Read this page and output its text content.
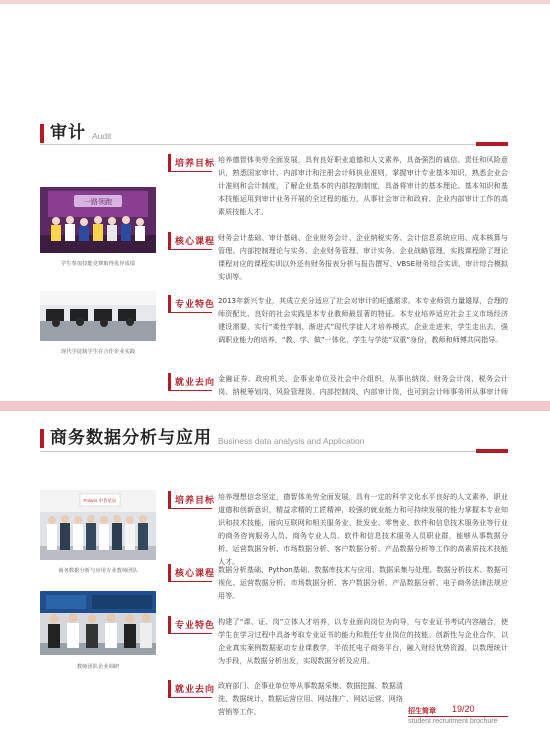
审计 Audit
一路领跑
学生参加技能竞赛取得优异成绩
现代学徒制学生在合作企业实践
培养目标 培养德智体美劳全面发展，具有良好职业道德和人文素养，具备强烈的诚信、责任和风险意识，熟悉国家审计、内部审计和注册会计师执业准则，掌握审计专业基本知识，熟悉企业会计准则和会计制度，了解企业基本的内部控制制度，具备将审计的基本理论、基本知识和基本技能运用到审计业务开展的全过程的能力，从事社会审计和政府、企业内部审计工作的高素质技能人才。
核心课程 财务会计基础、审计基础、企业财务会计、企业纳税实务、会计信息系统应用、成本核算与管理、内部控制理论与实务、企业财务管理、审计实务、企业战略管理，实践课程除了理论课程对应的课程实训以外还有财务报表分析与报告撰写、VBSE财务综合实训、审计综合模拟实训等。
专业特色 2013年新兴专业，其成立充分适应了社会对审计的旺盛需求。本专业师资力量雄厚，合理的师资配比、良好的社会实践是本专业教师最显著的特征。本专业培养适应社会主义市场经济建设需要，实行“柔性学制、渐进式”现代学徒人才培养模式，企业走进来，学生走出去，强调职业能力的培养，“教、学、做”一体化，学生与学徒“双重”身份，教师和师傅共同指导。
就业去向 金融证券、政府机关、企事业单位及社会中介组织，从事出纳岗、财务会计岗、税务会计岗、纳税筹划岗、风险管理岗、内部控制岗、内部审计岗，也可到会计师事务所从事审计师
商务数据分析与应用 Business data analysis and Application
Polaris 中普星辰
商务数据分析与应用专业教师团队
教师团队企业调研
培养目标 培养理想信念坚定，德智体美劳全面发展，具有一定的科学文化水平良好的人文素养，职业道德和创新意识，精益求精的工匠精神，较强的就业能力和可持续发展的能力掌握本专业知识和技术技能，面向互联网和相关服务业、批发业、零售业、软件和信息技术服务业等行业的商务咨询服务人员、商务专业人员、软件和信息技术服务人员职业群，能够从事数据分析、运营数据分析、市场数据分析、客户数据分析、产品数据分析等工作的高素质技术技能人才。
核心课程 数据分析基础、Python基础、数据库技术与应用、数据采集与处理、数据分析技术、数据可视化、运营数据分析、市场数据分析、客户数据分析、产品数据分析、电子商务法律法规应用等。
专业特色 构建了“课、证、岗”立体人才培养，以专业面向岗位为向导，与专业证书考试内容融合，使学生在学习过程中具备考取专业证书的能力和胜任专业岗位的技能。创新性与企业合作，以企业真实案例数据驱动专业课教学，半依托电子商务平台，融入财经优势资源，以数理统计为手段，从数据分析出发，实现数据分析及应用。
就业去向 政府部门、企事业单位等从事数据采集、数据挖掘、数据清洗、数据统计、数据运营应用、网站推广、网站运营、网络营销等工作。	招生简章 19/20
student recruitment brochure
